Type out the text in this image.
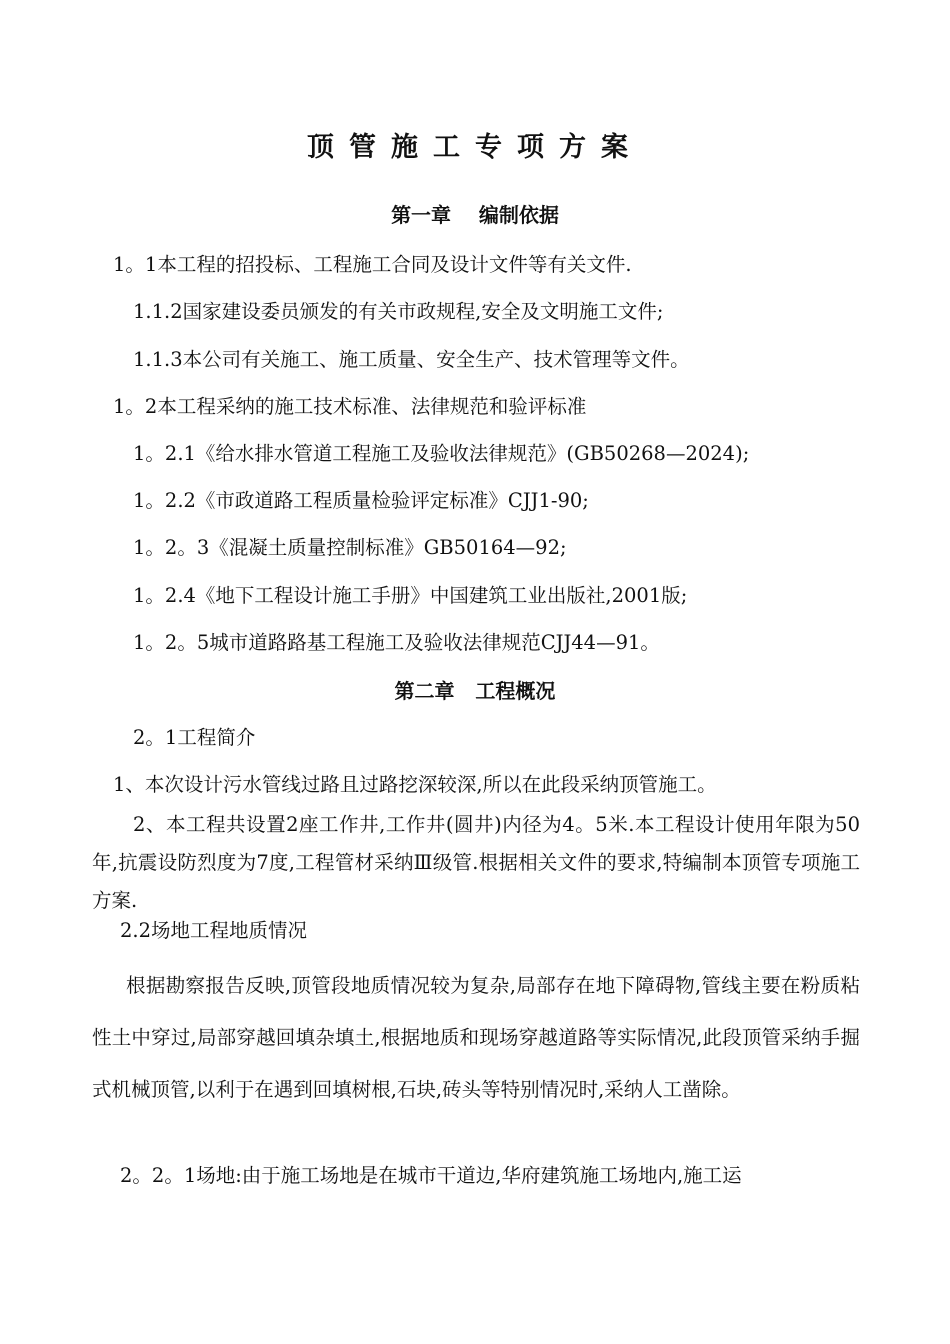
顶管施工专项方案
第一章    编制依据
1。1本工程的招投标、工程施工合同及设计文件等有关文件.
1.1.2国家建设委员颁发的有关市政规程,安全及文明施工文件;
1.1.3本公司有关施工、施工质量、安全生产、技术管理等文件。
1。2本工程采纳的施工技术标准、法律规范和验评标准
1。2.1《给水排水管道工程施工及验收法律规范》(GB50268—2024);
1。2.2《市政道路工程质量检验评定标准》CJJ1-90;
1。2。3《混凝土质量控制标准》GB50164—92;
1。2.4《地下工程设计施工手册》中国建筑工业出版社,2001版;
1。2。5城市道路路基工程施工及验收法律规范CJJ44—91。
第二章   工程概况
2。1工程简介
1、本次设计污水管线过路且过路挖深较深,所以在此段采纳顶管施工。
2、本工程共设置2座工作井,工作井(圆井)内径为4。5米.本工程设计使用年限为50年,抗震设防烈度为7度,工程管材采纳Ⅲ级管.根据相关文件的要求,特编制本顶管专项施工方案.
2.2场地工程地质情况
根据勘察报告反映,顶管段地质情况较为复杂,局部存在地下障碍物,管线主要在粉质粘性土中穿过,局部穿越回填杂填土,根据地质和现场穿越道路等实际情况,此段顶管采纳手掘式机械顶管,以利于在遇到回填树根,石块,砖头等特别情况时,采纳人工凿除。
2。2。1场地:由于施工场地是在城市干道边,华府建筑施工场地内,施工运
